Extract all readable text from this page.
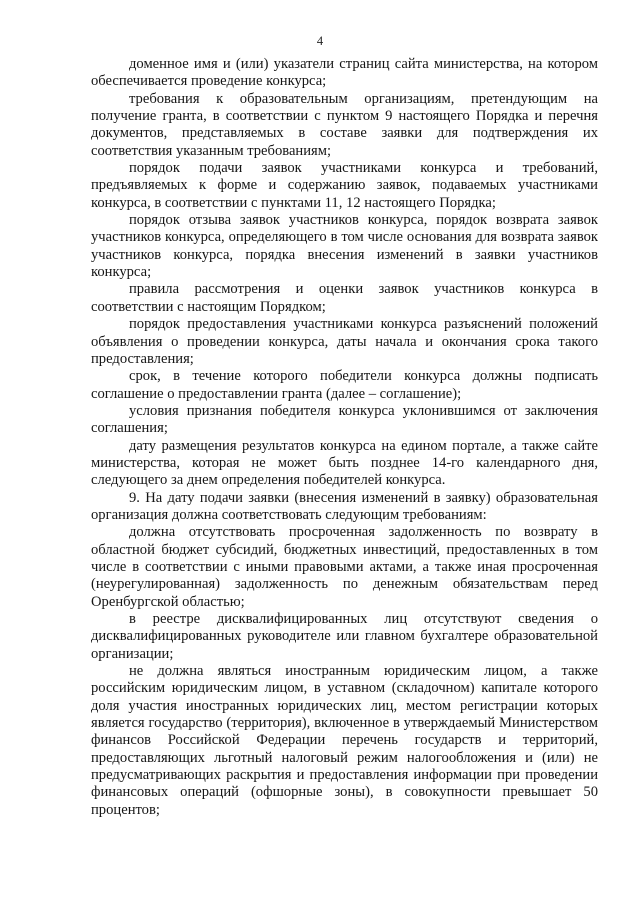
4

доменное имя и (или) указатели страниц сайта министерства, на котором обеспечивается проведение конкурса;

требования к образовательным организациям, претендующим на получение гранта, в соответствии с пунктом 9 настоящего Порядка и перечня документов, представляемых в составе заявки для подтверждения их соответствия указанным требованиям;

порядок подачи заявок участниками конкурса и требований, предъявляемых к форме и содержанию заявок, подаваемых участниками конкурса, в соответствии с пунктами 11, 12 настоящего Порядка;

порядок отзыва заявок участников конкурса, порядок возврата заявок участников конкурса, определяющего в том числе основания для возврата заявок участников конкурса, порядка внесения изменений в заявки участников конкурса;

правила рассмотрения и оценки заявок участников конкурса в соответствии с настоящим Порядком;

порядок предоставления участниками конкурса разъяснений положений объявления о проведении конкурса, даты начала и окончания срока такого предоставления;

срок, в течение которого победители конкурса должны подписать соглашение о предоставлении гранта (далее – соглашение);

условия признания победителя конкурса уклонившимся от заключения соглашения;

дату размещения результатов конкурса на едином портале, а также сайте министерства, которая не может быть позднее 14-го календарного дня, следующего за днем определения победителей конкурса.

9. На дату подачи заявки (внесения изменений в заявку) образовательная организация должна соответствовать следующим требованиям:

должна отсутствовать просроченная задолженность по возврату в областной бюджет субсидий, бюджетных инвестиций, предоставленных в том числе в соответствии с иными правовыми актами, а также иная просроченная (неурегулированная) задолженность по денежным обязательствам перед Оренбургской областью;

в реестре дисквалифицированных лиц отсутствуют сведения о дисквалифицированных руководителе или главном бухгалтере образовательной организации;

не должна являться иностранным юридическим лицом, а также российским юридическим лицом, в уставном (складочном) капитале которого доля участия иностранных юридических лиц, местом регистрации которых является государство (территория), включенное в утверждаемый Министерством финансов Российской Федерации перечень государств и территорий, предоставляющих льготный налоговый режим налогообложения и (или) не предусматривающих раскрытия и предоставления информации при проведении финансовых операций (офшорные зоны), в совокупности превышает 50 процентов;
